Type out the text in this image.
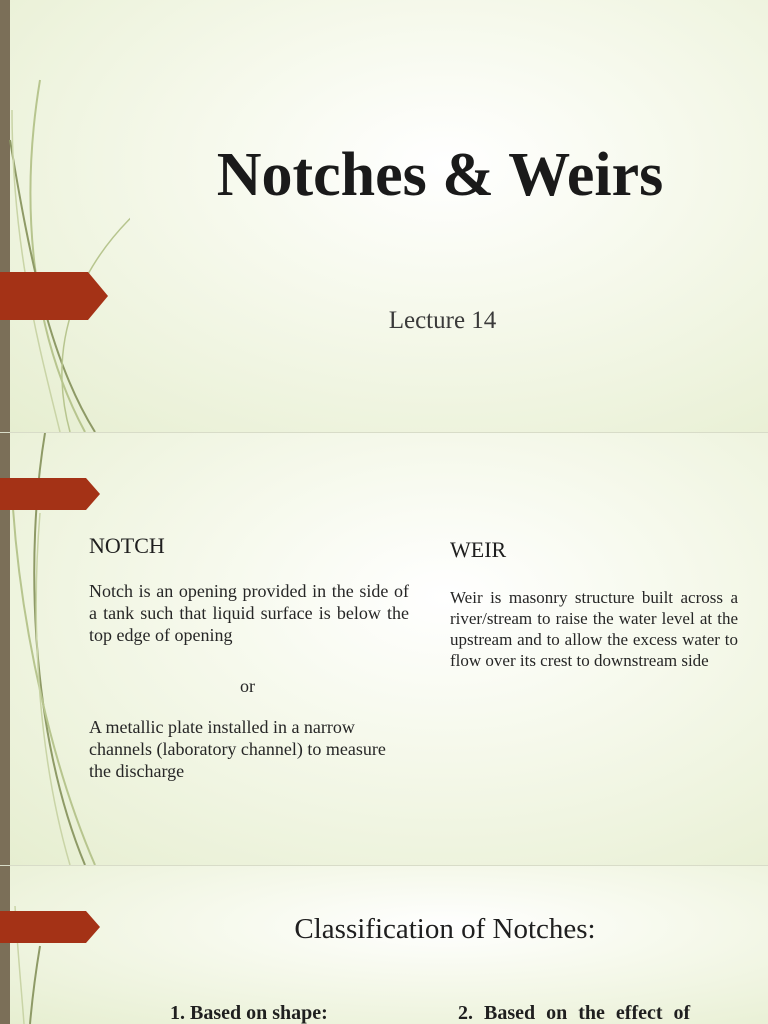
Notches & Weirs
Lecture 14
NOTCH
Notch is an opening provided in the side of a tank such that liquid surface is below the top edge of opening
or
A metallic plate installed in a narrow channels (laboratory channel) to measure the discharge
WEIR
Weir is masonry structure built across a river/stream to raise the water level at the upstream and to allow the excess water to flow over its crest to downstream side
Classification of Notches:
1. Based on shape:	2. Based on the effect of
